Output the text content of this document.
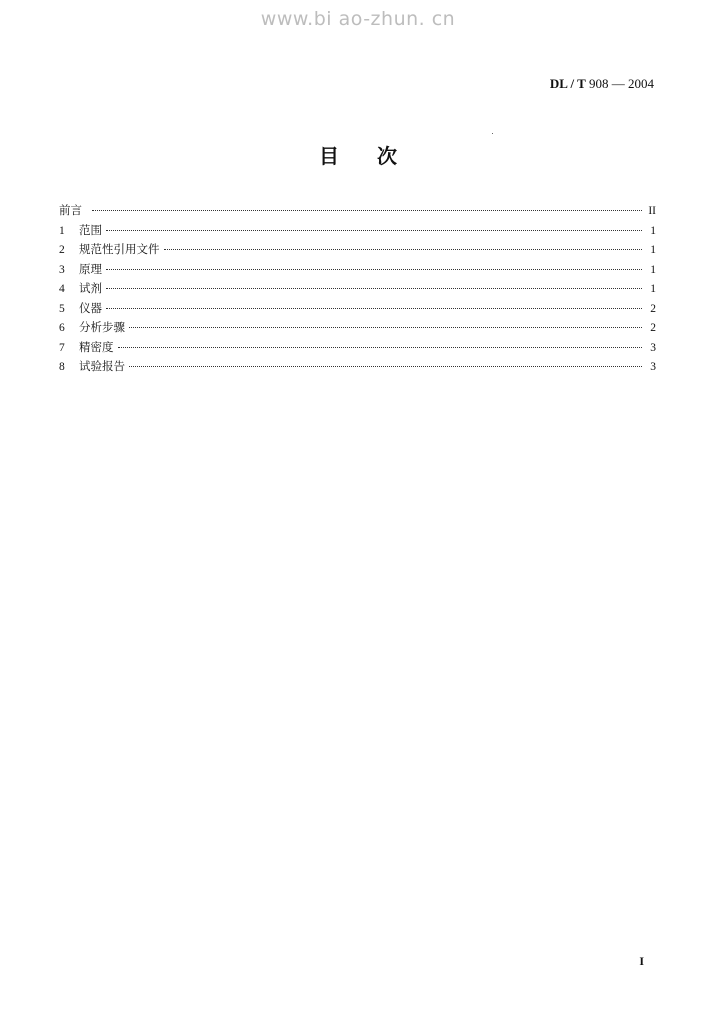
www.bi ao-zhun. cn
DL / T 908 — 2004
目次
前言	II
1	范围	1
2	规范性引用文件	1
3	原理	1
4	试剂	1
5	仪器	2
6	分析步骤	2
7	精密度	3
8	试验报告	3
I
